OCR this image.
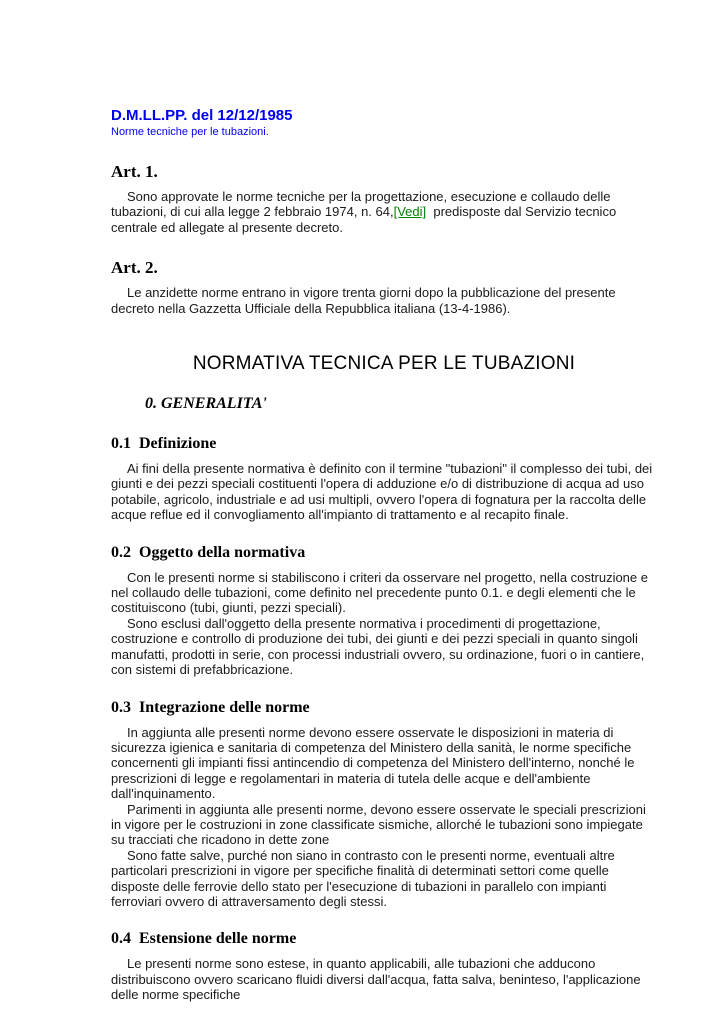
D.M.LL.PP. del 12/12/1985
Norme tecniche per le tubazioni.
Art. 1.

Sono approvate le norme tecniche per la progettazione, esecuzione e collaudo delle tubazioni, di cui alla legge 2 febbraio 1974, n. 64,[Vedi]  predisposte dal Servizio tecnico centrale ed allegate al presente decreto.

Art. 2.

Le anzidette norme entrano in vigore trenta giorni dopo la pubblicazione del presente decreto nella Gazzetta Ufficiale della Repubblica italiana (13-4-1986).

NORMATIVA TECNICA PER LE TUBAZIONI
0. GENERALITA'
0.1  Definizione

Ai fini della presente normativa è definito con il termine "tubazioni" il complesso dei tubi, dei giunti e dei pezzi speciali costituenti l'opera di adduzione e/o di distribuzione di acqua ad uso potabile, agricolo, industriale e ad usi multipli, ovvero l'opera di fognatura per la raccolta delle acque reflue ed il convogliamento all'impianto di trattamento e al recapito finale.

0.2  Oggetto della normativa

Con le presenti norme si stabiliscono i criteri da osservare nel progetto, nella costruzione e nel collaudo delle tubazioni, come definito nel precedente punto 0.1. e degli elementi che le costituiscono (tubi, giunti, pezzi speciali).

Sono esclusi dall'oggetto della presente normativa i procedimenti di progettazione, costruzione e controllo di produzione dei tubi, dei giunti e dei pezzi speciali in quanto singoli manufatti, prodotti in serie, con processi industriali ovvero, su ordinazione, fuori o in cantiere, con sistemi di prefabbricazione.

0.3  Integrazione delle norme

In aggiunta alle presenti norme devono essere osservate le disposizioni in materia di sicurezza igienica e sanitaria di competenza del Ministero della sanità, le norme specifiche concernenti gli impianti fissi antincendio di competenza del Ministero dell'interno, nonché le prescrizioni di legge e regolamentari in materia di tutela delle acque e dell'ambiente dall'inquinamento.

Parimenti in aggiunta alle presenti norme, devono essere osservate le speciali prescrizioni in vigore per le costruzioni in zone classificate sismiche, allorché le tubazioni sono impiegate su tracciati che ricadono in dette zone

Sono fatte salve, purché non siano in contrasto con le presenti norme, eventuali altre particolari prescrizioni in vigore per specifiche finalità di determinati settori come quelle disposte delle ferrovie dello stato per l'esecuzione di tubazioni in parallelo con impianti ferroviari ovvero di attraversamento degli stessi.

0.4  Estensione delle norme

Le presenti norme sono estese, in quanto applicabili, alle tubazioni che adducono distribuiscono ovvero scaricano fluidi diversi dall'acqua, fatta salva, beninteso, l'applicazione delle norme specifiche
